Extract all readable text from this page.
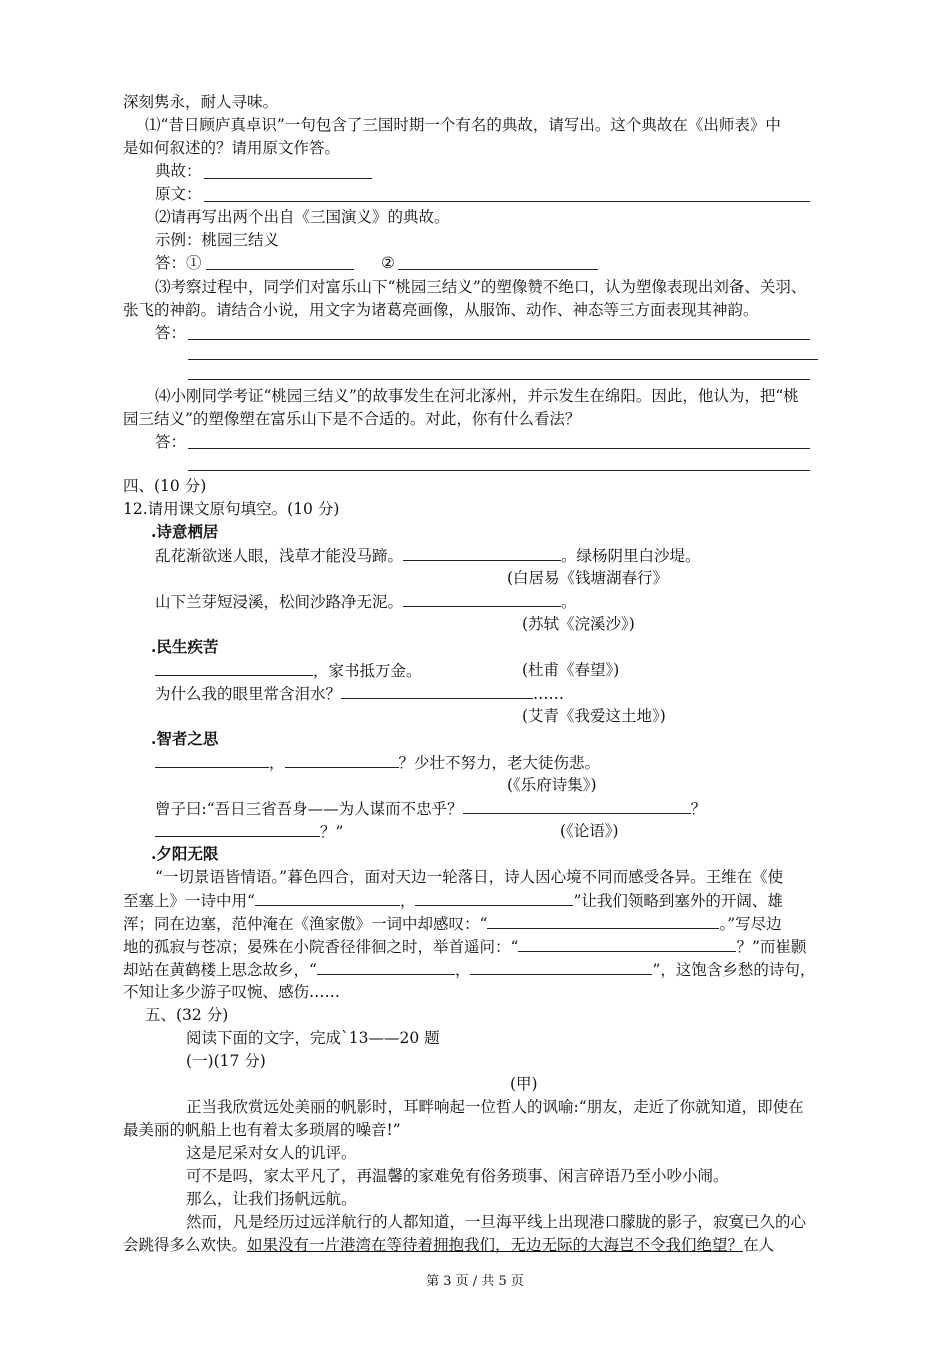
深刻隽永，耐人寻味。
⑴“昔日顾庐真卓识”一句包含了三国时期一个有名的典故，请写出。这个典故在《出师表》中
是如何叙述的？请用原文作答。
典故：
原文：
⑵请再写出两个出自《三国演义》的典故。
示例：桃园三结义
答：①	②
⑶考察过程中，同学们对富乐山下“桃园三结义”的塑像赞不绝口，认为塑像表现出刘备、关羽、
张飞的神韵。请结合小说，用文字为诸葛亮画像，从服饰、动作、神态等三方面表现其神韵。
答：
⑷小刚同学考证“桃园三结义”的故事发生在河北涿州，并示发生在绵阳。因此，他认为，把“桃
园三结义”的塑像塑在富乐山下是不合适的。对此，你有什么看法？
答：
四、(10 分)
12.请用课文原句填空。(10 分)
.诗意栖居
乱花渐欲迷人眼，浅草才能没马蹄。	。绿杨阴里白沙堤。
(白居易《钱塘湖春行》
山下兰芽短浸溪，松间沙路净无泥。	。
(苏轼《浣溪沙》)
.民生疾苦
，家书抵万金。	(杜甫《春望》)
为什么我的眼里常含泪水？	……
(艾青《我爱这土地》)
.智者之思
，	？少壮不努力，老大徒伤悲。
(《乐府诗集》)
曾子曰:“吾日三省吾身——为人谋而不忠乎？	？
？”	(《论语》)
.夕阳无限
“一切景语皆情语。”暮色四合，面对天边一轮落日，诗人因心境不同而感受各异。王维在《使
至塞上》一诗中用“	，	”让我们领略到塞外的开阔、雄
浑；同在边塞，范仲淹在《渔家傲》一词中却感叹：“	。”写尽边
地的孤寂与苍凉；晏殊在小院香径徘徊之时，举首遥问：“	？”而崔颢
却站在黄鹤楼上思念故乡，“	，	”，这饱含乡愁的诗句，
不知让多少游子叹惋、感伤……
五、(32 分)
阅读下面的文字，完成`13——20 题
(一)(17 分)
(甲)
正当我欣赏远处美丽的帆影时，耳畔响起一位哲人的讽喻:“朋友，走近了你就知道，即使在
最美丽的帆船上也有着太多琐屑的噪音!”
这是尼采对女人的讥评。
可不是吗，家太平凡了，再温馨的家难免有俗务琐事、闲言碎语乃至小吵小闹。
那么，让我们扬帆远航。
然而，凡是经历过远洋航行的人都知道，一旦海平线上出现港口朦胧的影子，寂寞已久的心
会跳得多么欢快。如果没有一片港湾在等待着拥抱我们，无边无际的大海岂不令我们绝望？在人
第 3 页 / 共 5 页
